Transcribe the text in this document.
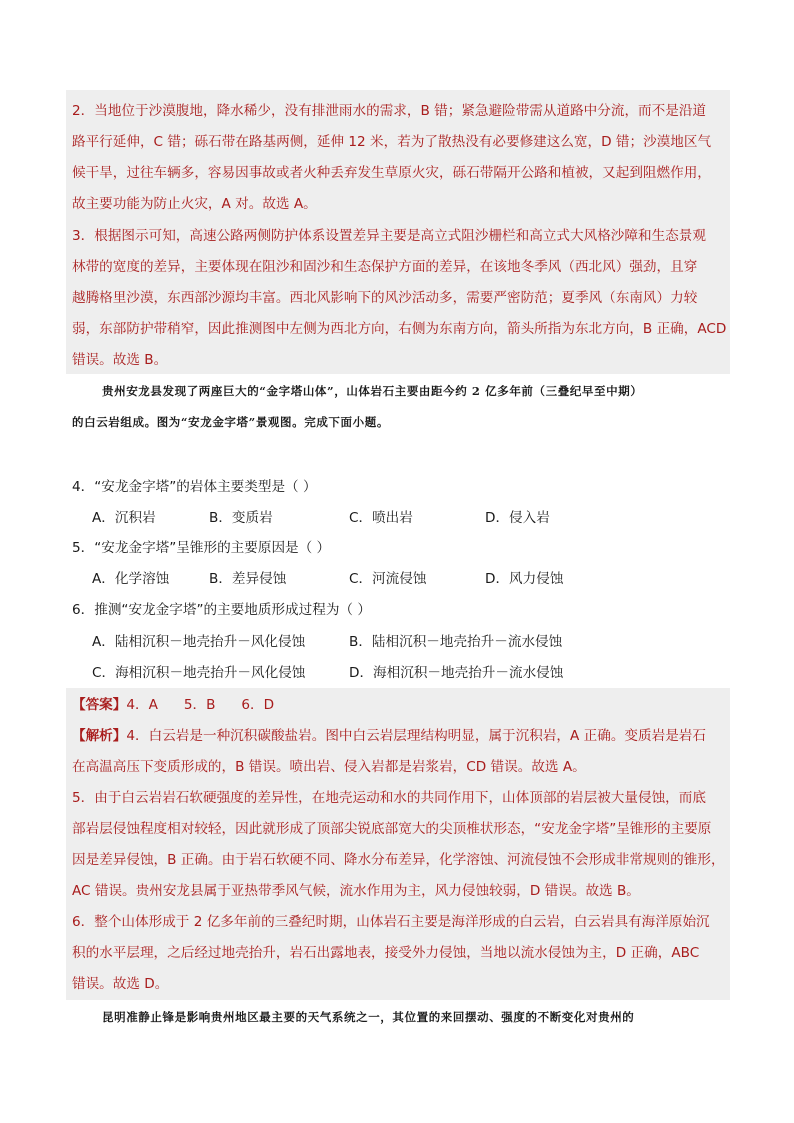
2．当地位于沙漠腹地，降水稀少，没有排泄雨水的需求，B 错；紧急避险带需从道路中分流，而不是沿道
路平行延伸，C 错；砾石带在路基两侧，延伸 12 米，若为了散热没有必要修建这么宽，D 错；沙漠地区气
候干旱，过往车辆多，容易因事故或者火种丢弃发生草原火灾，砾石带隔开公路和植被，又起到阻燃作用，
故主要功能为防止火灾，A 对。故选 A。
3．根据图示可知，高速公路两侧防护体系设置差异主要是高立式阻沙栅栏和高立式大风格沙障和生态景观
林带的宽度的差异，主要体现在阻沙和固沙和生态保护方面的差异，在该地冬季风（西北风）强劲，且穿
越腾格里沙漠，东西部沙源均丰富。西北风影响下的风沙活动多，需要严密防范；夏季风（东南风）力较
弱，东部防护带稍窄，因此推测图中左侧为西北方向，右侧为东南方向，箭头所指为东北方向，B 正确，ACD
错误。故选 B。
贵州安龙县发现了两座巨大的“金字塔山体”，山体岩石主要由距今约 2 亿多年前（三叠纪早至中期）
的白云岩组成。图为“安龙金字塔”景观图。完成下面小题。
4．“安龙金字塔”的岩体主要类型是（ ）
A．沉积岩	B．变质岩	C．喷出岩	D．侵入岩
5．“安龙金字塔”呈锥形的主要原因是（ ）
A．化学溶蚀	B．差异侵蚀	C．河流侵蚀	D．风力侵蚀
6．推测“安龙金字塔”的主要地质形成过程为（ ）
A．陆相沉积－地壳抬升－风化侵蚀	B．陆相沉积－地壳抬升－流水侵蚀
C．海相沉积－地壳抬升－风化侵蚀	D．海相沉积－地壳抬升－流水侵蚀
【答案】4．A      5．B      6．D
【解析】4．白云岩是一种沉积碳酸盐岩。图中白云岩层理结构明显，属于沉积岩，A 正确。变质岩是岩石
在高温高压下变质形成的，B 错误。喷出岩、侵入岩都是岩浆岩，CD 错误。故选 A。
5．由于白云岩岩石软硬强度的差异性，在地壳运动和水的共同作用下，山体顶部的岩层被大量侵蚀，而底
部岩层侵蚀程度相对较轻，因此就形成了顶部尖锐底部宽大的尖顶椎状形态，“安龙金字塔”呈锥形的主要原
因是差异侵蚀，B 正确。由于岩石软硬不同、降水分布差异，化学溶蚀、河流侵蚀不会形成非常规则的锥形，
AC 错误。贵州安龙县属于亚热带季风气候，流水作用为主，风力侵蚀较弱，D 错误。故选 B。
6．整个山体形成于 2 亿多年前的三叠纪时期，山体岩石主要是海洋形成的白云岩，白云岩具有海洋原始沉
积的水平层理，之后经过地壳抬升，岩石出露地表，接受外力侵蚀，当地以流水侵蚀为主，D 正确，ABC
错误。故选 D。
昆明准静止锋是影响贵州地区最主要的天气系统之一，其位置的来回摆动、强度的不断变化对贵州的
